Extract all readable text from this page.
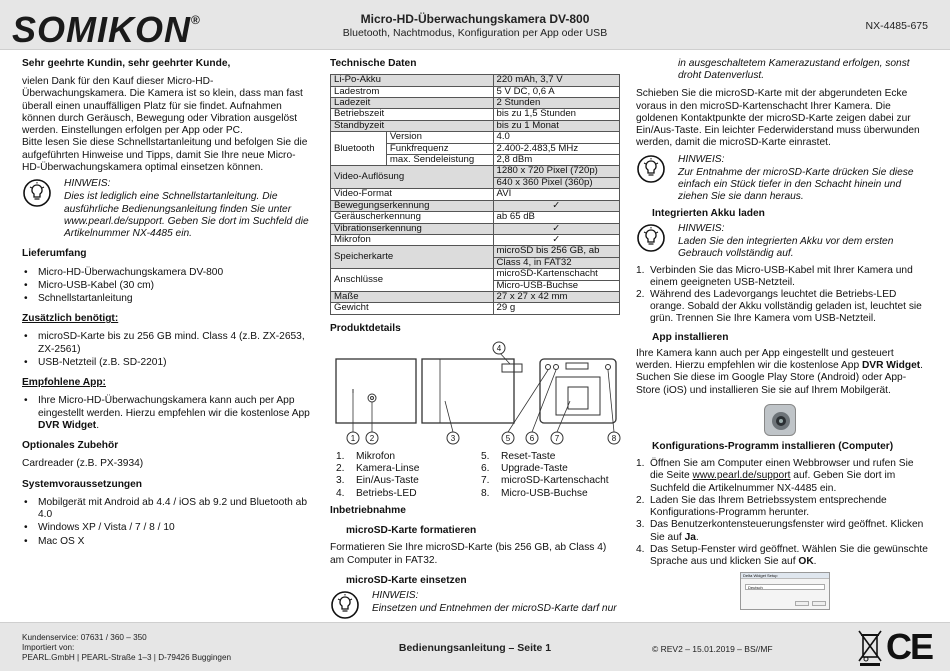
SOMIKON®	Micro-HD-Überwachungskamera DV-800
Bluetooth, Nachtmodus, Konfiguration per App oder USB
NX-4485-675
Sehr geehrte Kundin, sehr geehrter Kunde,

vielen Dank für den Kauf dieser Micro-HD-Überwachungskamera. Die Kamera ist so klein, dass man fast überall einen unauffälligen Platz für sie findet. Aufnahmen können durch Geräusch, Bewegung oder Vibration ausgelöst werden. Einstellungen erfolgen per App oder PC.

Bitte lesen Sie diese Schnellstartanleitung und befolgen Sie die aufgeführten Hinweise und Tipps, damit Sie Ihre neue Micro-HD-Überwachungskamera optimal einsetzen können.

HINWEIS:
Dies ist lediglich eine Schnellstartanleitung. Die ausführliche Bedienungsanleitung finden Sie unter www.pearl.de/support. Geben Sie dort im Suchfeld die Artikelnummer NX-4485 ein.
Lieferumfang
• Micro-HD-Überwachungskamera DV-800
• Micro-USB-Kabel (30 cm)
• Schnellstartanleitung
Zusätzlich benötigt:
• microSD-Karte bis zu 256 GB mind. Class 4 (z.B. ZX-2653, ZX-2561)
• USB-Netzteil (z.B. SD-2201)
Empfohlene App:
• Ihre Micro-HD-Überwachungskamera kann auch per App eingestellt werden. Hierzu empfehlen wir die kostenlose App DVR Widget.
Optionales Zubehör

Cardreader (z.B. PX-3934)

Systemvoraussetzungen
• Mobilgerät mit Android ab 4.4 / iOS ab 9.2 und Bluetooth ab 4.0
• Windows XP / Vista / 7 / 8 / 10
• Mac OS X
Technische Daten
Li-Po-Akku		220 mAh, 3,7 V
Ladestrom		5 V DC, 0,6 A
Ladezeit		2 Stunden
Betriebszeit		bis zu 1,5 Stunden
Standbyzeit		bis zu 1 Monat
Bluetooth	Version	4.0
	Funkfrequenz	2.400-2.483,5 MHz
	max. Sendeleistung	2,8 dBm
Video-Auflösung		1280 x 720 Pixel (720p)
		640 x 360 Pixel (360p)
Video-Format		AVI
Bewegungserkennung		✓
Geräuscherkennung		ab 65 dB
Vibrationserkennung		✓
Mikrofon		✓
Speicherkarte		microSD bis 256 GB, ab
		Class 4, in FAT32
Anschlüsse		microSD-Kartenschacht
		Micro-USB-Buchse
Maße		27 x 27 x 42 mm
Gewicht		29 g
Produktdetails
1 2	3
4
5 6	7	8
1. Mikrofon	5. Reset-Taste
2. Kamera-Linse	6. Upgrade-Taste
3. Ein/Aus-Taste	7. microSD-Kartenschacht
4. Betriebs-LED	8. Micro-USB-Buchse
Inbetriebnahme
microSD-Karte formatieren

Formatieren Sie Ihre microSD-Karte (bis 256 GB, ab Class 4) am Computer in FAT32.

microSD-Karte einsetzen
HINWEIS:
Einsetzen und Entnehmen der microSD-Karte darf nur

in ausgeschaltetem Kamerazustand erfolgen, sonst droht Datenverlust.

Schieben Sie die microSD-Karte mit der abgerundeten Ecke voraus in den microSD-Kartenschacht Ihrer Kamera. Die goldenen Kontaktpunkte der microSD-Karte zeigen dabei zur Ein/Aus-Taste. Ein leichter Federwiderstand muss überwunden werden, damit die microSD-Karte einrastet.

HINWEIS:
Zur Entnahme der microSD-Karte drücken Sie diese einfach ein Stück tiefer in den Schacht hinein und ziehen Sie sie dann heraus.
Integrierten Akku laden
HINWEIS:
Laden Sie den integrierten Akku vor dem ersten Gebrauch vollständig auf.
1. Verbinden Sie das Micro-USB-Kabel mit Ihrer Kamera und einem geeigneten USB-Netzteil.
2. Während des Ladevorgangs leuchtet die Betriebs-LED orange. Sobald der Akku vollständig geladen ist, leuchtet sie grün. Trennen Sie Ihre Kamera vom USB-Netzteil.
App installieren

Ihre Kamera kann auch per App eingestellt und gesteuert werden. Hierzu empfehlen wir die kostenlose App DVR Widget. Suchen Sie diese im Google Play Store (Android) oder App-Store (iOS) und installieren Sie sie auf Ihrem Mobilgerät.

Konfigurations-Programm installieren (Computer)
1. Öffnen Sie am Computer einen Webbrowser und rufen Sie die Seite www.pearl.de/support auf. Geben Sie dort im Suchfeld die Artikelnummer NX-4485 ein.
2. Laden Sie das Ihrem Betriebssystem entsprechende Konfigurations-Programm herunter.
3. Das Benutzerkontensteuerungsfenster wird geöffnet. Klicken Sie auf Ja.
4. Das Setup-Fenster wird geöffnet. Wählen Sie die gewünschte Sprache aus und klicken Sie auf OK.
Delta Widget Setup
Deutsch
Kundenservice: 07631 / 360 – 350
Importiert von:
PEARL.GmbH | PEARL-Straße 1–3 | D-79426 Buggingen
Bedienungsanleitung – Seite 1	© REV2 – 15.01.2019 – BS//MF	CE
